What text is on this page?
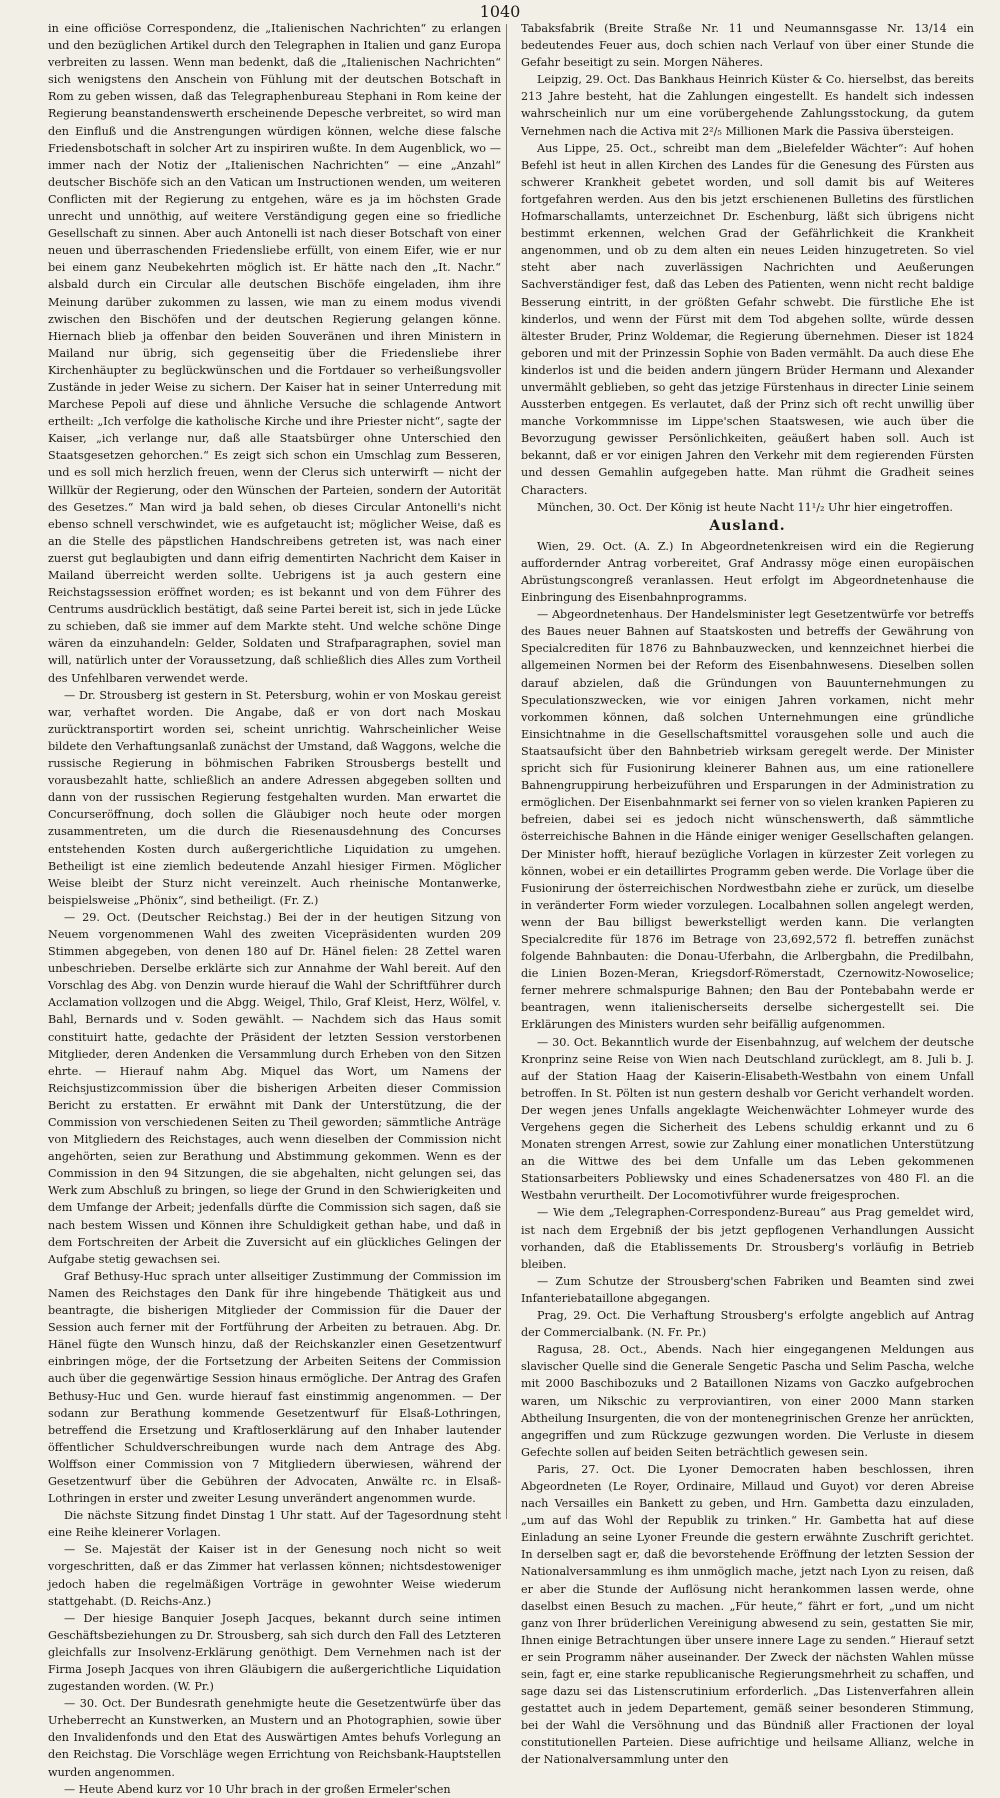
1040

in eine officiöse Correspondenz, die „Italienischen Nachrichten“ zu erlangen und den bezüglichen Artikel durch den Telegraphen in Italien und ganz Europa verbreiten zu lassen. Wenn man bedenkt, daß die „Italienischen Nachrichten“ sich wenigstens den Anschein von Fühlung mit der deutschen Botschaft in Rom zu geben wissen, daß das Telegraphenbureau Stephani in Rom keine der Regierung beanstandenswerth erscheinende Depesche verbreitet, so wird man den Einfluß und die Anstrengungen würdigen können, welche diese falsche Friedensbotschaft in solcher Art zu inspiriren wußte. In dem Augenblick, wo — immer nach der Notiz der „Italienischen Nachrichten“ — eine „Anzahl“ deutscher Bischöfe sich an den Vatican um Instructionen wenden, um weiteren Conflicten mit der Regierung zu entgehen, wäre es ja im höchsten Grade unrecht und unnöthig, auf weitere Verständigung gegen eine so friedliche Gesellschaft zu sinnen. Aber auch Antonelli ist nach dieser Botschaft von einer neuen und überraschenden Friedensliebe erfüllt, von einem Eifer, wie er nur bei einem ganz Neubekehrten möglich ist. Er hätte nach den „It. Nachr.“ alsbald durch ein Circular alle deutschen Bischöfe eingeladen, ihm ihre Meinung darüber zukommen zu lassen, wie man zu einem modus vivendi zwischen den Bischöfen und der deutschen Regierung gelangen könne. Hiernach blieb ja offenbar den beiden Souveränen und ihren Ministern in Mailand nur übrig, sich gegenseitig über die Friedensliebe ihrer Kirchenhäupter zu beglückwünschen und die Fortdauer so verheißungsvoller Zustände in jeder Weise zu sichern. Der Kaiser hat in seiner Unterredung mit Marchese Pepoli auf diese und ähnliche Versuche die schlagende Antwort ertheilt: „Ich verfolge die katholische Kirche und ihre Priester nicht“, sagte der Kaiser, „ich verlange nur, daß alle Staatsbürger ohne Unterschied den Staatsgesetzen gehorchen.“ Es zeigt sich schon ein Umschlag zum Besseren, und es soll mich herzlich freuen, wenn der Clerus sich unterwirft — nicht der Willkür der Regierung, oder den Wünschen der Parteien, sondern der Autorität des Gesetzes.“ Man wird ja bald sehen, ob dieses Circular Antonelli's nicht ebenso schnell verschwindet, wie es aufgetaucht ist; möglicher Weise, daß es an die Stelle des päpstlichen Handschreibens getreten ist, was nach einer zuerst gut beglaubigten und dann eifrig dementirten Nachricht dem Kaiser in Mailand überreicht werden sollte. Uebrigens ist ja auch gestern eine Reichstagssession eröffnet worden; es ist bekannt und von dem Führer des Centrums ausdrücklich bestätigt, daß seine Partei bereit ist, sich in jede Lücke zu schieben, daß sie immer auf dem Markte steht. Und welche schöne Dinge wären da einzuhandeln: Gelder, Soldaten und Strafparagraphen, soviel man will, natürlich unter der Voraussetzung, daß schließlich dies Alles zum Vortheil des Unfehlbaren verwendet werde.

— Dr. Strousberg ist gestern in St. Petersburg, wohin er von Moskau gereist war, verhaftet worden. Die Angabe, daß er von dort nach Moskau zurücktransportirt worden sei, scheint unrichtig. Wahrscheinlicher Weise bildete den Verhaftungsanlaß zunächst der Umstand, daß Waggons, welche die russische Regierung in böhmischen Fabriken Strousbergs bestellt und vorausbezahlt hatte, schließlich an andere Adressen abgegeben sollten und dann von der russischen Regierung festgehalten wurden. Man erwartet die Concurseröffnung, doch sollen die Gläubiger noch heute oder morgen zusammentreten, um die durch die Riesenausdehnung des Concurses entstehenden Kosten durch außergerichtliche Liquidation zu umgehen. Betheiligt ist eine ziemlich bedeutende Anzahl hiesiger Firmen. Möglicher Weise bleibt der Sturz nicht vereinzelt. Auch rheinische Montanwerke, beispielsweise „Phönix“, sind betheiligt. (Fr. Z.)

— 29. Oct. (Deutscher Reichstag.) Bei der in der heutigen Sitzung von Neuem vorgenommenen Wahl des zweiten Vicepräsidenten wurden 209 Stimmen abgegeben, von denen 180 auf Dr. Hänel fielen: 28 Zettel waren unbeschrieben. Derselbe erklärte sich zur Annahme der Wahl bereit. Auf den Vorschlag des Abg. von Denzin wurde hierauf die Wahl der Schriftführer durch Acclamation vollzogen und die Abgg. Weigel, Thilo, Graf Kleist, Herz, Wölfel, v. Bahl, Bernards und v. Soden gewählt. — Nachdem sich das Haus somit constituirt hatte, gedachte der Präsident der letzten Session verstorbenen Mitglieder, deren Andenken die Versammlung durch Erheben von den Sitzen ehrte. — Hierauf nahm Abg. Miquel das Wort, um Namens der Reichsjustizcommission über die bisherigen Arbeiten dieser Commission Bericht zu erstatten. Er erwähnt mit Dank der Unterstützung, die der Commission von verschiedenen Seiten zu Theil geworden; sämmtliche Anträge von Mitgliedern des Reichstages, auch wenn dieselben der Commission nicht angehörten, seien zur Berathung und Abstimmung gekommen. Wenn es der Commission in den 94 Sitzungen, die sie abgehalten, nicht gelungen sei, das Werk zum Abschluß zu bringen, so liege der Grund in den Schwierigkeiten und dem Umfange der Arbeit; jedenfalls dürfte die Commission sich sagen, daß sie nach bestem Wissen und Können ihre Schuldigkeit gethan habe, und daß in dem Fortschreiten der Arbeit die Zuversicht auf ein glückliches Gelingen der Aufgabe stetig gewachsen sei.

Graf Bethusy-Huc sprach unter allseitiger Zustimmung der Commission im Namen des Reichstages den Dank für ihre hingebende Thätigkeit aus und beantragte, die bisherigen Mitglieder der Commission für die Dauer der Session auch ferner mit der Fortführung der Arbeiten zu betrauen. Abg. Dr. Hänel fügte den Wunsch hinzu, daß der Reichskanzler einen Gesetzentwurf einbringen möge, der die Fortsetzung der Arbeiten Seitens der Commission auch über die gegenwärtige Session hinaus ermögliche. Der Antrag des Grafen Bethusy-Huc und Gen. wurde hierauf fast einstimmig angenommen. — Der sodann zur Berathung kommende Gesetzentwurf für Elsaß-Lothringen, betreffend die Ersetzung und Kraftloserklärung auf den Inhaber lautender öffentlicher Schuldverschreibungen wurde nach dem Antrage des Abg. Wolffson einer Commission von 7 Mitgliedern überwiesen, während der Gesetzentwurf über die Gebühren der Advocaten, Anwälte rc. in Elsaß-Lothringen in erster und zweiter Lesung unverändert angenommen wurde.

Die nächste Sitzung findet Dinstag 1 Uhr statt. Auf der Tagesordnung steht eine Reihe kleinerer Vorlagen.

— Se. Majestät der Kaiser ist in der Genesung noch nicht so weit vorgeschritten, daß er das Zimmer hat verlassen können; nichtsdestoweniger jedoch haben die regelmäßigen Vorträge in gewohnter Weise wiederum stattgehabt. (D. Reichs-Anz.)

— Der hiesige Banquier Joseph Jacques, bekannt durch seine intimen Geschäftsbeziehungen zu Dr. Strousberg, sah sich durch den Fall des Letzteren gleichfalls zur Insolvenz-Erklärung genöthigt. Dem Vernehmen nach ist der Firma Joseph Jacques von ihren Gläubigern die außergerichtliche Liquidation zugestanden worden. (W. Pr.)

— 30. Oct. Der Bundesrath genehmigte heute die Gesetzentwürfe über das Urheberrecht an Kunstwerken, an Mustern und an Photographien, sowie über den Invalidenfonds und den Etat des Auswärtigen Amtes behufs Vorlegung an den Reichstag. Die Vorschläge wegen Errichtung von Reichsbank-Hauptstellen wurden angenommen.

— Heute Abend kurz vor 10 Uhr brach in der großen Ermeler'schen

Tabaksfabrik (Breite Straße Nr. 11 und Neumannsgasse Nr. 13/14 ein bedeutendes Feuer aus, doch schien nach Verlauf von über einer Stunde die Gefahr beseitigt zu sein. Morgen Näheres.

Leipzig, 29. Oct. Das Bankhaus Heinrich Küster & Co. hierselbst, das bereits 213 Jahre besteht, hat die Zahlungen eingestellt. Es handelt sich indessen wahrscheinlich nur um eine vorübergehende Zahlungsstockung, da gutem Vernehmen nach die Activa mit 2²/₅ Millionen Mark die Passiva übersteigen.

Aus Lippe, 25. Oct., schreibt man dem „Bielefelder Wächter“: Auf hohen Befehl ist heut in allen Kirchen des Landes für die Genesung des Fürsten aus schwerer Krankheit gebetet worden, und soll damit bis auf Weiteres fortgefahren werden. Aus den bis jetzt erschienenen Bulletins des fürstlichen Hofmarschallamts, unterzeichnet Dr. Eschenburg, läßt sich übrigens nicht bestimmt erkennen, welchen Grad der Gefährlichkeit die Krankheit angenommen, und ob zu dem alten ein neues Leiden hinzugetreten. So viel steht aber nach zuverlässigen Nachrichten und Aeußerungen Sachverständiger fest, daß das Leben des Patienten, wenn nicht recht baldige Besserung eintritt, in der größten Gefahr schwebt. Die fürstliche Ehe ist kinderlos, und wenn der Fürst mit dem Tod abgehen sollte, würde dessen ältester Bruder, Prinz Woldemar, die Regierung übernehmen. Dieser ist 1824 geboren und mit der Prinzessin Sophie von Baden vermählt. Da auch diese Ehe kinderlos ist und die beiden andern jüngern Brüder Hermann und Alexander unvermählt geblieben, so geht das jetzige Fürstenhaus in directer Linie seinem Aussterben entgegen. Es verlautet, daß der Prinz sich oft recht unwillig über manche Vorkommnisse im Lippe'schen Staatswesen, wie auch über die Bevorzugung gewisser Persönlichkeiten, geäußert haben soll. Auch ist bekannt, daß er vor einigen Jahren den Verkehr mit dem regierenden Fürsten und dessen Gemahlin aufgegeben hatte. Man rühmt die Gradheit seines Characters.

München, 30. Oct. Der König ist heute Nacht 11¹/₂ Uhr hier eingetroffen.

Ausland.

Wien, 29. Oct. (A. Z.) In Abgeordnetenkreisen wird ein die Regierung auffordernder Antrag vorbereitet, Graf Andrassy möge einen europäischen Abrüstungscongreß veranlassen. Heut erfolgt im Abgeordnetenhause die Einbringung des Eisenbahnprogramms.

— Abgeordnetenhaus. Der Handelsminister legt Gesetzentwürfe vor betreffs des Baues neuer Bahnen auf Staatskosten und betreffs der Gewährung von Specialcrediten für 1876 zu Bahnbauzwecken, und kennzeichnet hierbei die allgemeinen Normen bei der Reform des Eisenbahnwesens. Dieselben sollen darauf abzielen, daß die Gründungen von Bauunternehmungen zu Speculationszwecken, wie vor einigen Jahren vorkamen, nicht mehr vorkommen können, daß solchen Unternehmungen eine gründliche Einsichtnahme in die Gesellschaftsmittel vorausgehen solle und auch die Staatsaufsicht über den Bahnbetrieb wirksam geregelt werde. Der Minister spricht sich für Fusionirung kleinerer Bahnen aus, um eine rationellere Bahnengruppirung herbeizuführen und Ersparungen in der Administration zu ermöglichen. Der Eisenbahnmarkt sei ferner von so vielen kranken Papieren zu befreien, dabei sei es jedoch nicht wünschenswerth, daß sämmtliche österreichische Bahnen in die Hände einiger weniger Gesellschaften gelangen. Der Minister hofft, hierauf bezügliche Vorlagen in kürzester Zeit vorlegen zu können, wobei er ein detaillirtes Programm geben werde. Die Vorlage über die Fusionirung der österreichischen Nordwestbahn ziehe er zurück, um dieselbe in veränderter Form wieder vorzulegen. Localbahnen sollen angelegt werden, wenn der Bau billigst bewerkstelligt werden kann. Die verlangten Specialcredite für 1876 im Betrage von 23,692,572 fl. betreffen zunächst folgende Bahnbauten: die Donau-Uferbahn, die Arlbergbahn, die Predilbahn, die Linien Bozen-Meran, Kriegsdorf-Römerstadt, Czernowitz-Nowoselice; ferner mehrere schmalspurige Bahnen; den Bau der Pontebabahn werde er beantragen, wenn italienischerseits derselbe sichergestellt sei. Die Erklärungen des Ministers wurden sehr beifällig aufgenommen.

— 30. Oct. Bekanntlich wurde der Eisenbahnzug, auf welchem der deutsche Kronprinz seine Reise von Wien nach Deutschland zurücklegt, am 8. Juli b. J. auf der Station Haag der Kaiserin-Elisabeth-Westbahn von einem Unfall betroffen. In St. Pölten ist nun gestern deshalb vor Gericht verhandelt worden. Der wegen jenes Unfalls angeklagte Weichenwächter Lohmeyer wurde des Vergehens gegen die Sicherheit des Lebens schuldig erkannt und zu 6 Monaten strengen Arrest, sowie zur Zahlung einer monatlichen Unterstützung an die Wittwe des bei dem Unfalle um das Leben gekommenen Stationsarbeiters Pobliewsky und eines Schadenersatzes von 480 Fl. an die Westbahn verurtheilt. Der Locomotivführer wurde freigesprochen.

— Wie dem „Telegraphen-Correspondenz-Bureau“ aus Prag gemeldet wird, ist nach dem Ergebniß der bis jetzt gepflogenen Verhandlungen Aussicht vorhanden, daß die Etablissements Dr. Strousberg's vorläufig in Betrieb bleiben.

— Zum Schutze der Strousberg'schen Fabriken und Beamten sind zwei Infanteriebataillone abgegangen.

Prag, 29. Oct. Die Verhaftung Strousberg's erfolgte angeblich auf Antrag der Commercialbank. (N. Fr. Pr.)

Ragusa, 28. Oct., Abends. Nach hier eingegangenen Meldungen aus slavischer Quelle sind die Generale Sengetic Pascha und Selim Pascha, welche mit 2000 Baschibozuks und 2 Bataillonen Nizams von Gaczko aufgebrochen waren, um Nikschic zu verproviantiren, von einer 2000 Mann starken Abtheilung Insurgenten, die von der montenegrinischen Grenze her anrückten, angegriffen und zum Rückzuge gezwungen worden. Die Verluste in diesem Gefechte sollen auf beiden Seiten beträchtlich gewesen sein.

Paris, 27. Oct. Die Lyoner Democraten haben beschlossen, ihren Abgeordneten (Le Royer, Ordinaire, Millaud und Guyot) vor deren Abreise nach Versailles ein Bankett zu geben, und Hrn. Gambetta dazu einzuladen, „um auf das Wohl der Republik zu trinken.“ Hr. Gambetta hat auf diese Einladung an seine Lyoner Freunde die gestern erwähnte Zuschrift gerichtet. In derselben sagt er, daß die bevorstehende Eröffnung der letzten Session der Nationalversammlung es ihm unmöglich mache, jetzt nach Lyon zu reisen, daß er aber die Stunde der Auflösung nicht herankommen lassen werde, ohne daselbst einen Besuch zu machen. „Für heute,“ fährt er fort, „und um nicht ganz von Ihrer brüderlichen Vereinigung abwesend zu sein, gestatten Sie mir, Ihnen einige Betrachtungen über unsere innere Lage zu senden.“ Hierauf setzt er sein Programm näher auseinander. Der Zweck der nächsten Wahlen müsse sein, fagt er, eine starke republicanische Regierungsmehrheit zu schaffen, und sage dazu sei das Listenscrutinium erforderlich. „Das Listenverfahren allein gestattet auch in jedem Departement, gemäß seiner besonderen Stimmung, bei der Wahl die Versöhnung und das Bündniß aller Fractionen der loyal constitutionellen Parteien. Diese aufrichtige und heilsame Allianz, welche in der Nationalversammlung unter den
